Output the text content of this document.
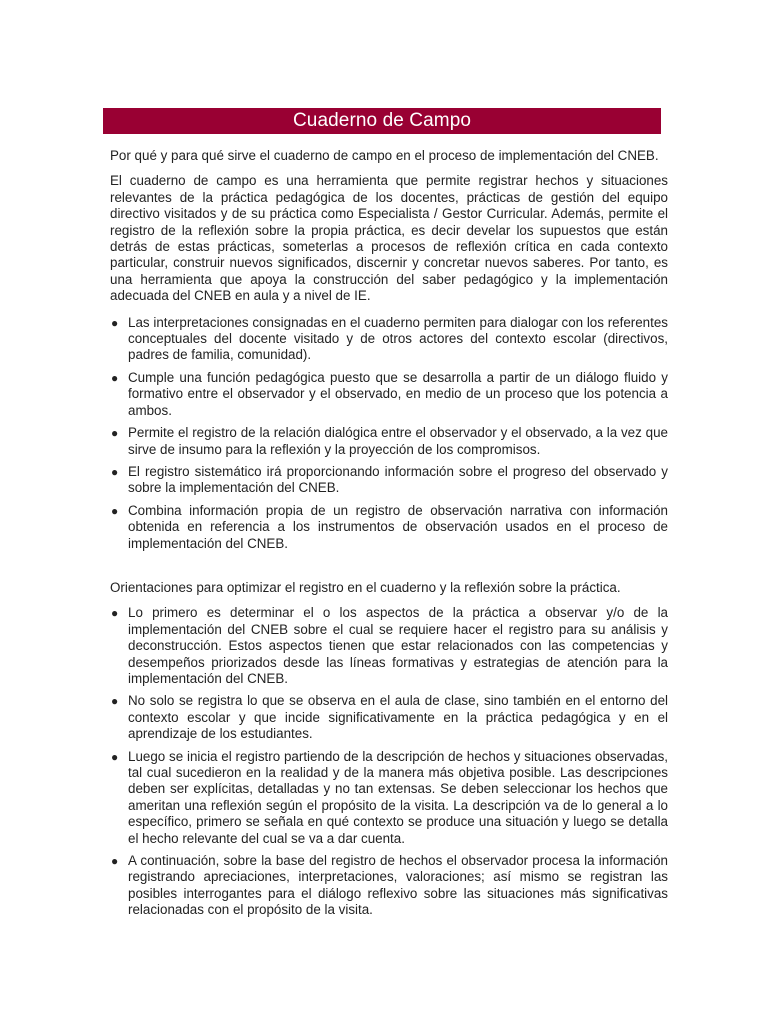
Cuaderno de Campo
Por qué y para qué sirve el cuaderno de campo en el proceso de implementación del CNEB.

El cuaderno de campo es una herramienta que permite registrar hechos y situaciones relevantes de la práctica pedagógica de los docentes, prácticas de gestión del equipo directivo visitados y de su práctica como Especialista / Gestor Curricular. Además, permite el registro de la reflexión sobre la propia práctica, es decir develar los supuestos que están detrás de estas prácticas, someterlas a procesos de reflexión crítica en cada contexto particular, construir nuevos significados, discernir y concretar nuevos saberes. Por tanto, es una herramienta que apoya la construcción del saber pedagógico y la implementación adecuada del CNEB en aula y a nivel de IE.

● Las interpretaciones consignadas en el cuaderno permiten para dialogar con los referentes conceptuales del docente visitado y de otros actores del contexto escolar (directivos, padres de familia, comunidad).
● Cumple una función pedagógica puesto que se desarrolla a partir de un diálogo fluido y formativo entre el observador y el observado, en medio de un proceso que los potencia a ambos.
● Permite el registro de la relación dialógica entre el observador y el observado, a la vez que sirve de insumo para la reflexión y la proyección de los compromisos.
● El registro sistemático irá proporcionando información sobre el progreso del observado y sobre la implementación del CNEB.
● Combina información propia de un registro de observación narrativa con información obtenida en referencia a los instrumentos de observación usados en el proceso de implementación del CNEB.
Orientaciones para optimizar el registro en el cuaderno y la reflexión sobre la práctica.
● Lo primero es determinar el o los aspectos de la práctica a observar y/o de la implementación del CNEB sobre el cual se requiere hacer el registro para su análisis y deconstrucción. Estos aspectos tienen que estar relacionados con las competencias y desempeños priorizados desde las líneas formativas y estrategias de atención para la implementación del CNEB.
● No solo se registra lo que se observa en el aula de clase, sino también en el entorno del contexto escolar y que incide significativamente en la práctica pedagógica y en el aprendizaje de los estudiantes.
● Luego se inicia el registro partiendo de la descripción de hechos y situaciones observadas, tal cual sucedieron en la realidad y de la manera más objetiva posible. Las descripciones deben ser explícitas, detalladas y no tan extensas. Se deben seleccionar los hechos que ameritan una reflexión según el propósito de la visita. La descripción va de lo general a lo específico, primero se señala en qué contexto se produce una situación y luego se detalla el hecho relevante del cual se va a dar cuenta.
● A continuación, sobre la base del registro de hechos el observador procesa la información registrando apreciaciones, interpretaciones, valoraciones; así mismo se registran las posibles interrogantes para el diálogo reflexivo sobre las situaciones más significativas relacionadas con el propósito de la visita.
